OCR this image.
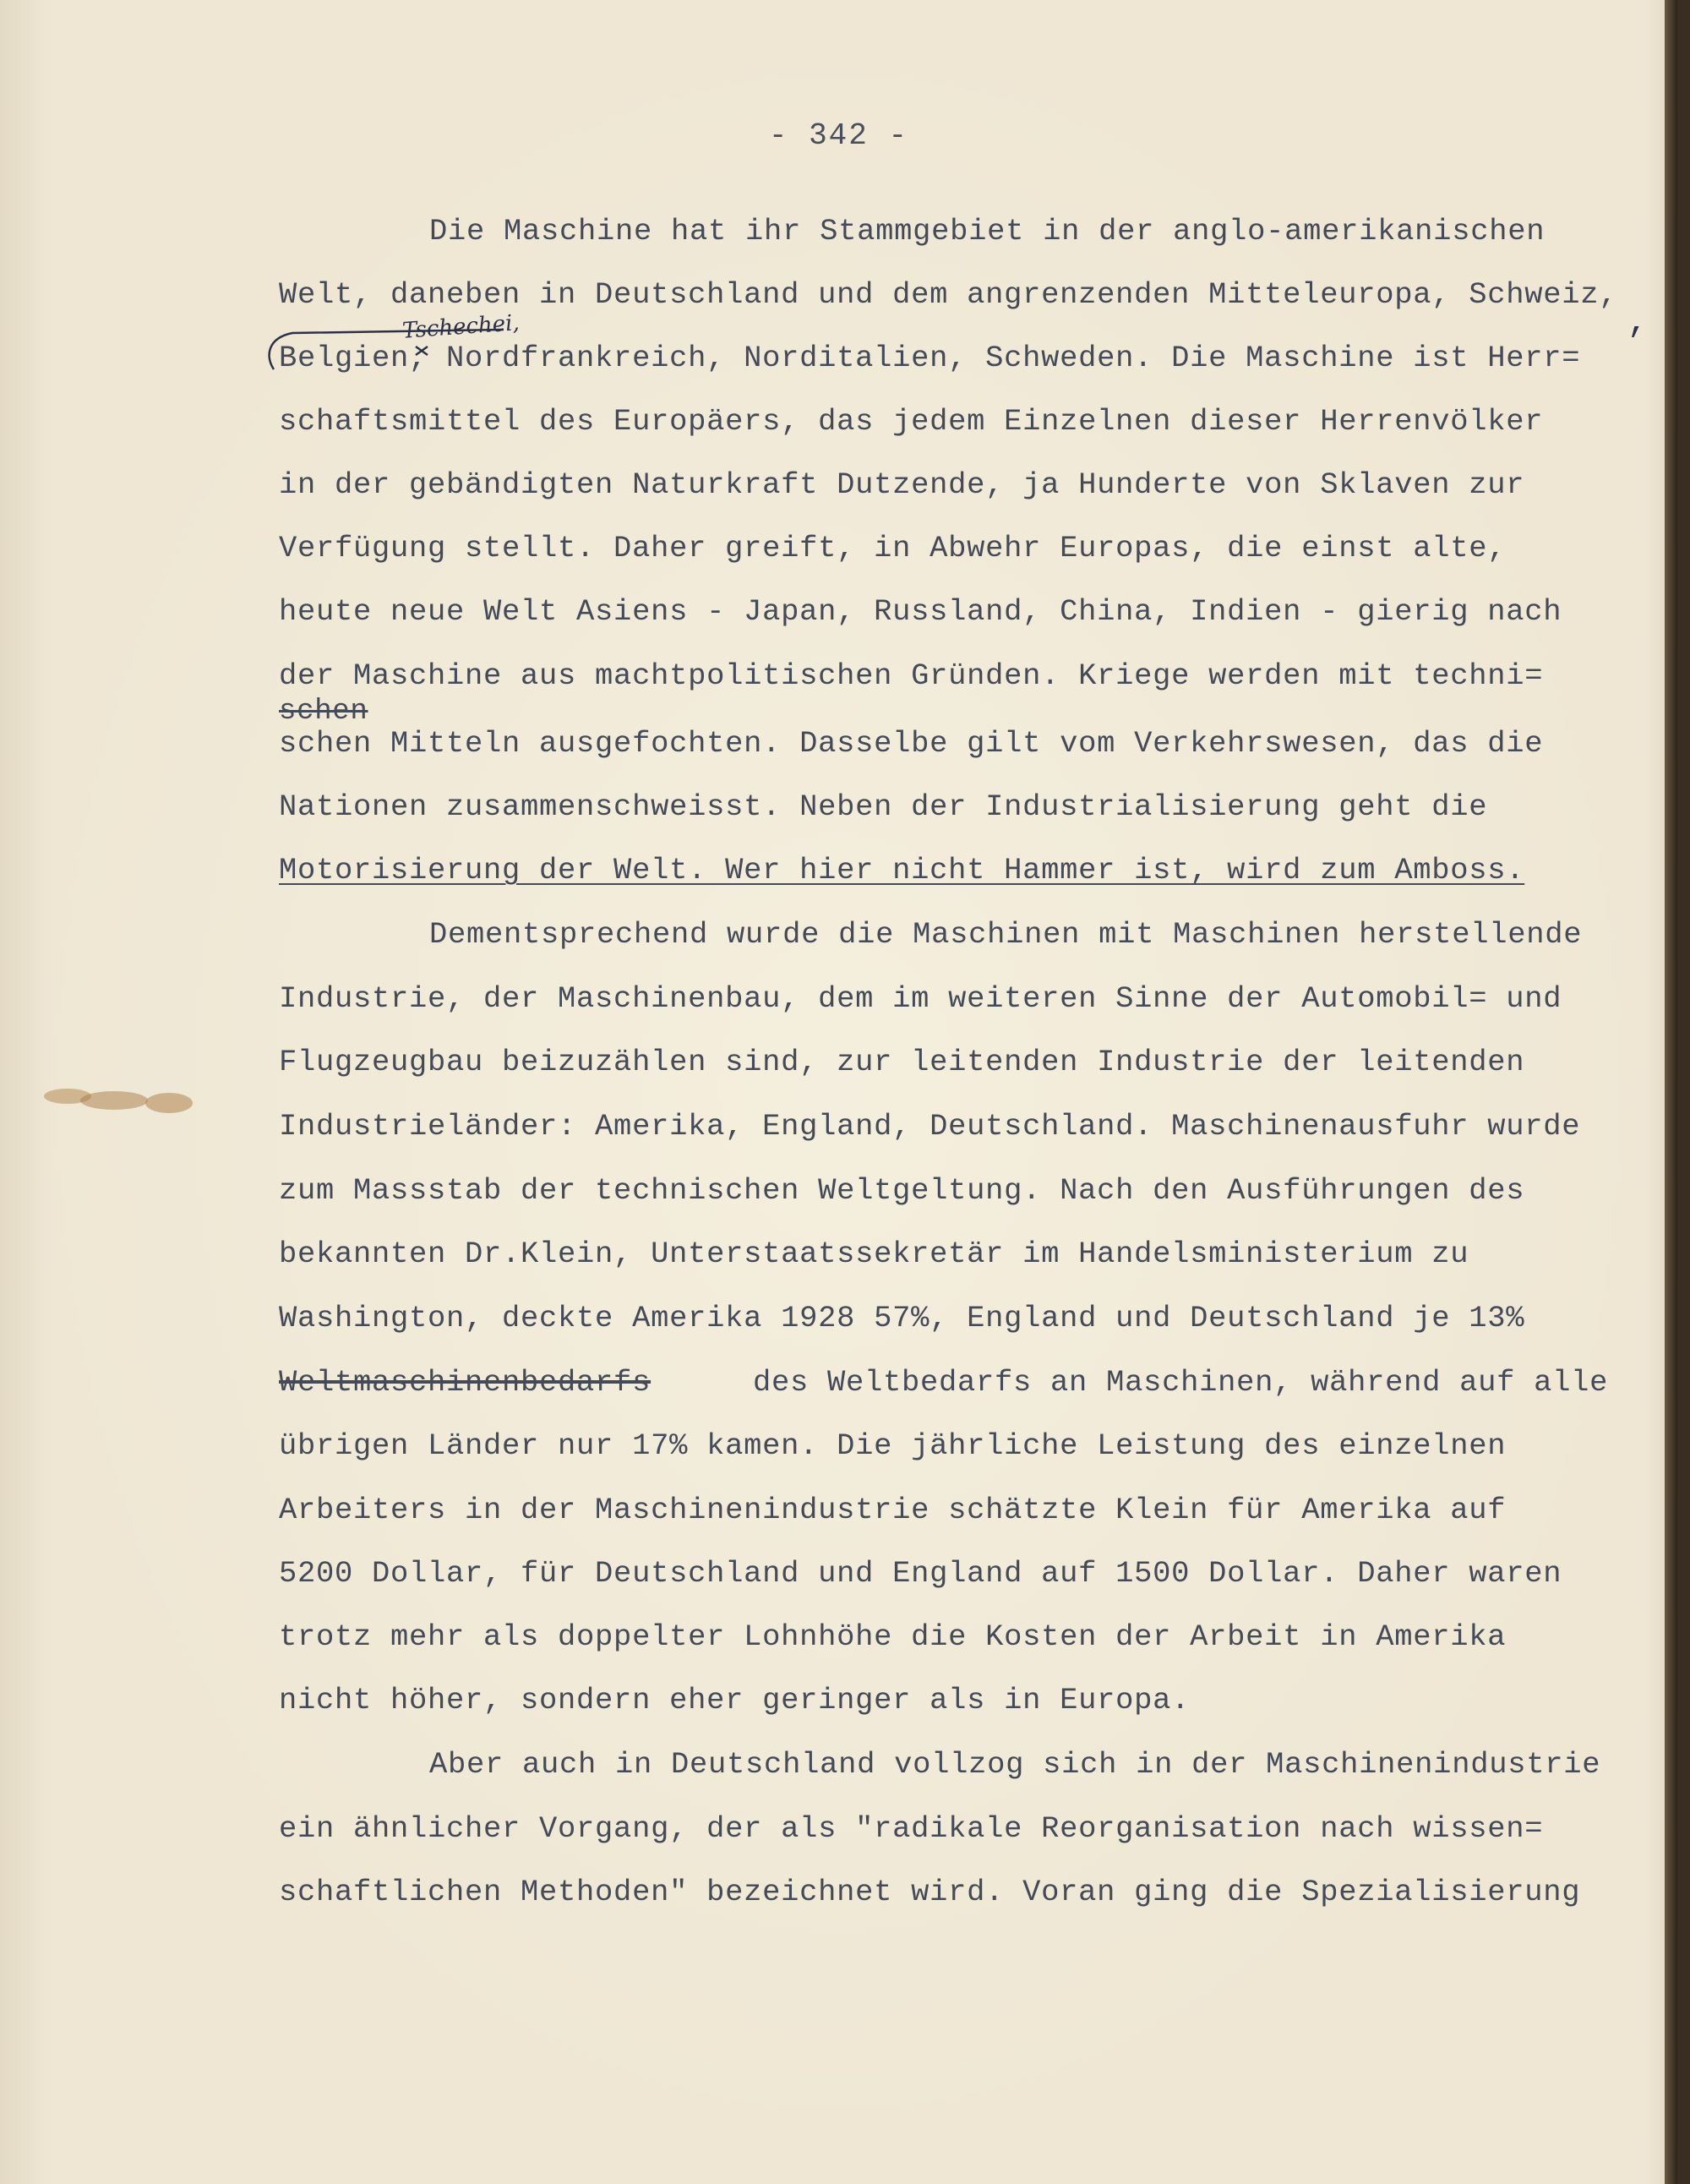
- 342 -
Die Maschine hat ihr Stammgebiet in der anglo-amerikanischen
Welt, daneben in Deutschland und dem angrenzenden Mitteleuropa, Schweiz,
Tschechei,
Belgien, Nordfrankreich, Norditalien, Schweden. Die Maschine ist Herr=
schaftsmittel des Europäers, das jedem Einzelnen dieser Herrenvölker
in der gebändigten Naturkraft Dutzende, ja Hunderte von Sklaven zur
Verfügung stellt. Daher greift, in Abwehr Europas, die einst alte,
heute neue Welt Asiens - Japan, Russland, China, Indien - gierig nach
der Maschine aus machtpolitischen Gründen. Kriege werden mit techni=
schen
schen Mitteln ausgefochten. Dasselbe gilt vom Verkehrswesen, das die
Nationen zusammenschweisst. Neben der Industrialisierung geht die
Motorisierung der Welt. Wer hier nicht Hammer ist, wird zum Amboss.
Dementsprechend wurde die Maschinen mit Maschinen herstellende
Industrie, der Maschinenbau, dem im weiteren Sinne der Automobil= und
Flugzeugbau beizuzählen sind, zur leitenden Industrie der leitenden
Industrieländer: Amerika, England, Deutschland. Maschinenausfuhr wurde
zum Massstab der technischen Weltgeltung. Nach den Ausführungen des
bekannten Dr.Klein, Unterstaatssekretär im Handelsministerium zu
Washington, deckte Amerika 1928 57%, England und Deutschland je 13%
Weltmaschinenbedarfs	des Weltbedarfs an Maschinen, während auf alle
übrigen Länder nur 17% kamen. Die jährliche Leistung des einzelnen
Arbeiters in der Maschinenindustrie schätzte Klein für Amerika auf
5200 Dollar, für Deutschland und England auf 1500 Dollar. Daher waren
trotz mehr als doppelter Lohnhöhe die Kosten der Arbeit in Amerika
nicht höher, sondern eher geringer als in Europa.
Aber auch in Deutschland vollzog sich in der Maschinenindustrie
ein ähnlicher Vorgang, der als "radikale Reorganisation nach wissen=
schaftlichen Methoden" bezeichnet wird. Voran ging die Spezialisierung
,
